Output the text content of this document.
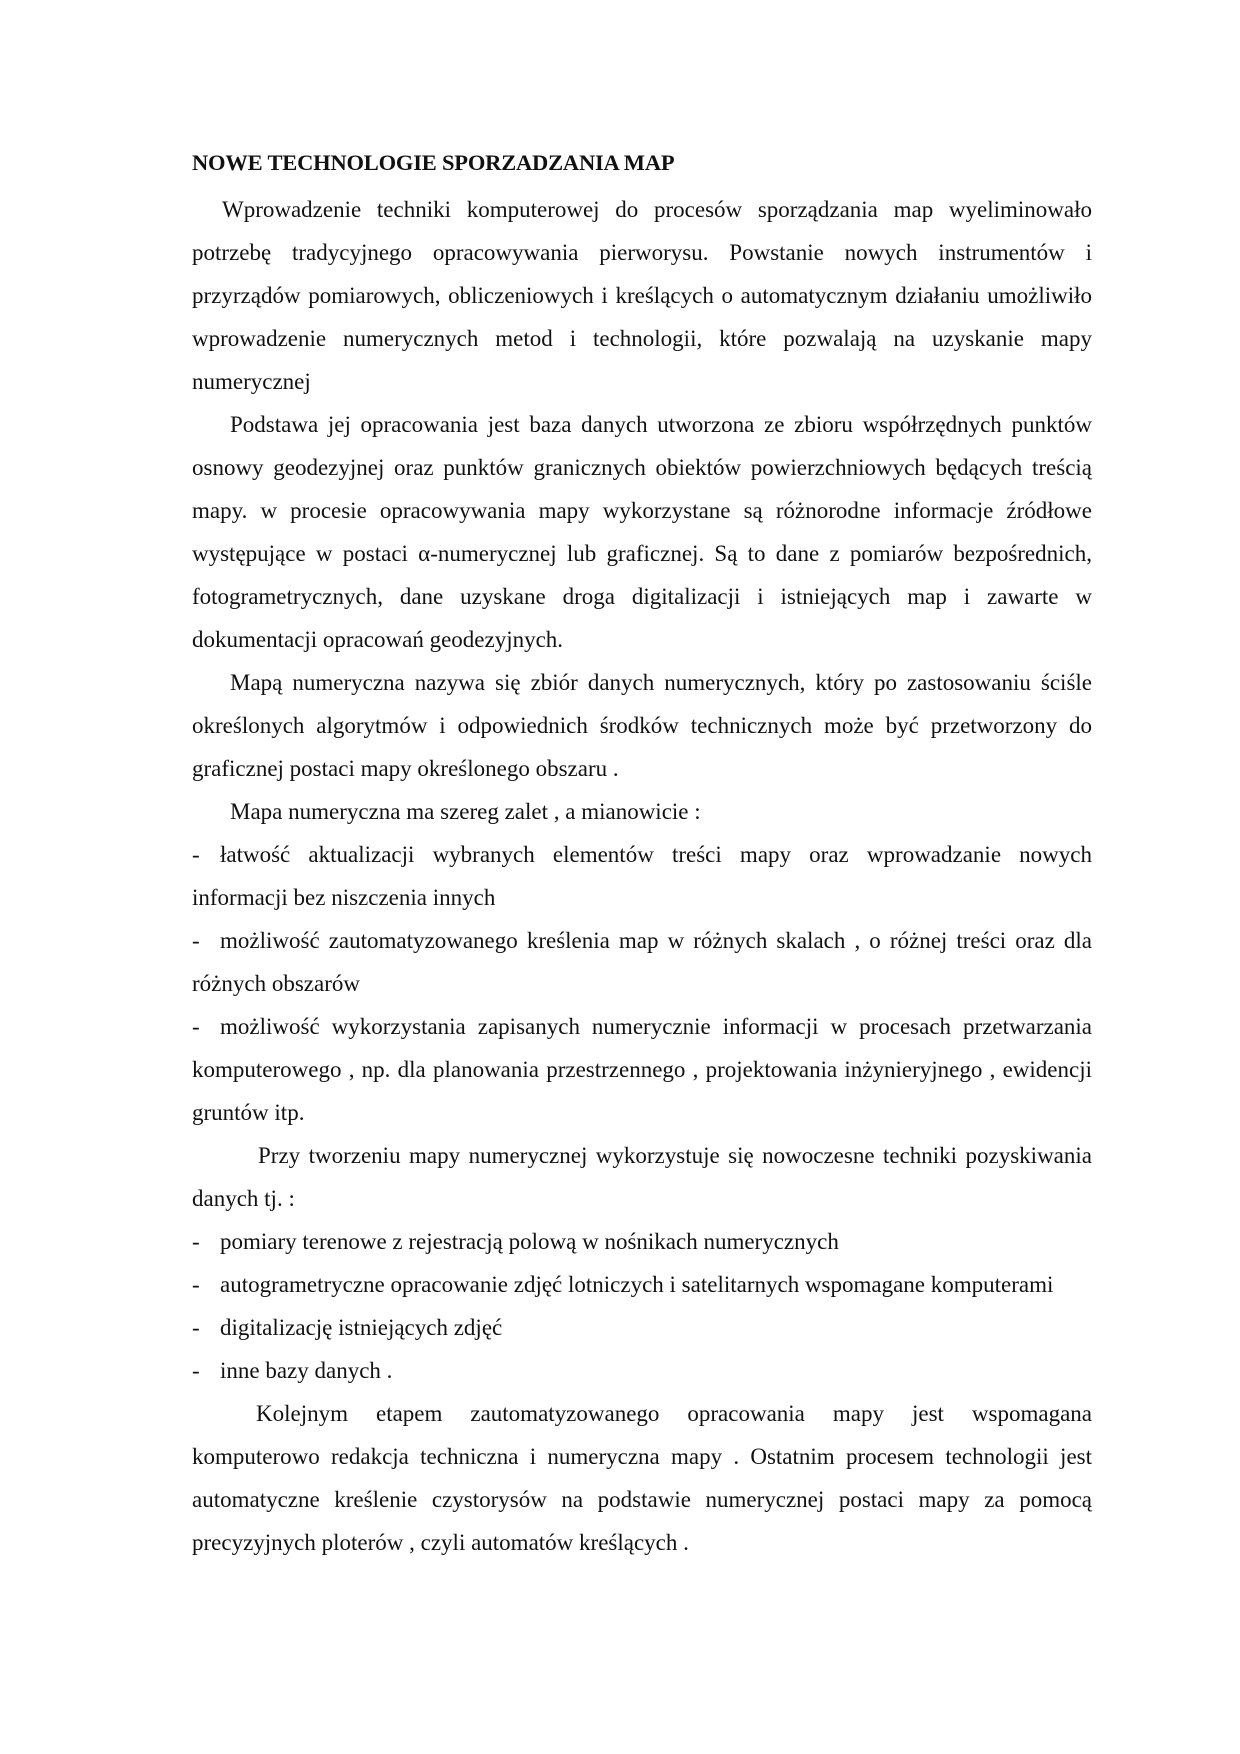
NOWE TECHNOLOGIE SPORZADZANIA MAP

Wprowadzenie techniki komputerowej do procesów sporządzania map wyeliminowało potrzebę tradycyjnego opracowywania pierworysu. Powstanie nowych instrumentów i przyrządów pomiarowych, obliczeniowych i kreślących o automatycznym działaniu umożliwiło wprowadzenie numerycznych metod i technologii, które pozwalają na uzyskanie mapy numerycznej

Podstawa jej opracowania jest baza danych utworzona ze zbioru współrzędnych punktów osnowy geodezyjnej oraz punktów granicznych obiektów powierzchniowych będących treścią mapy. w procesie opracowywania mapy wykorzystane są różnorodne informacje źródłowe występujące w postaci α-numerycznej lub graficznej. Są to dane z pomiarów bezpośrednich, fotogrametrycznych, dane uzyskane droga digitalizacji i istniejących map i zawarte w dokumentacji opracowań geodezyjnych.

Mapą numeryczna nazywa się zbiór danych numerycznych, który po zastosowaniu ściśle określonych algorytmów i odpowiednich środków technicznych może być przetworzony do graficznej postaci mapy określonego obszaru .

Mapa numeryczna ma szereg zalet , a mianowicie :

- łatwość aktualizacji wybranych elementów treści mapy oraz wprowadzanie nowych informacji bez niszczenia innych

- możliwość zautomatyzowanego kreślenia map w różnych skalach , o różnej treści oraz dla różnych obszarów

- możliwość wykorzystania zapisanych numerycznie informacji w procesach przetwarzania komputerowego , np. dla planowania przestrzennego , projektowania inżynieryjnego , ewidencji gruntów itp.

Przy tworzeniu mapy numerycznej wykorzystuje się nowoczesne techniki pozyskiwania danych tj. :

- pomiary terenowe z rejestracją polową w nośnikach numerycznych

- autogrametryczne opracowanie zdjęć lotniczych i satelitarnych wspomagane komputerami

- digitalizację istniejących zdjęć

- inne bazy danych .

Kolejnym etapem zautomatyzowanego opracowania mapy jest wspomagana komputerowo redakcja techniczna i numeryczna mapy . Ostatnim procesem technologii jest automatyczne kreślenie czystorysów na podstawie numerycznej postaci mapy za pomocą precyzyjnych ploterów , czyli automatów kreślących .
